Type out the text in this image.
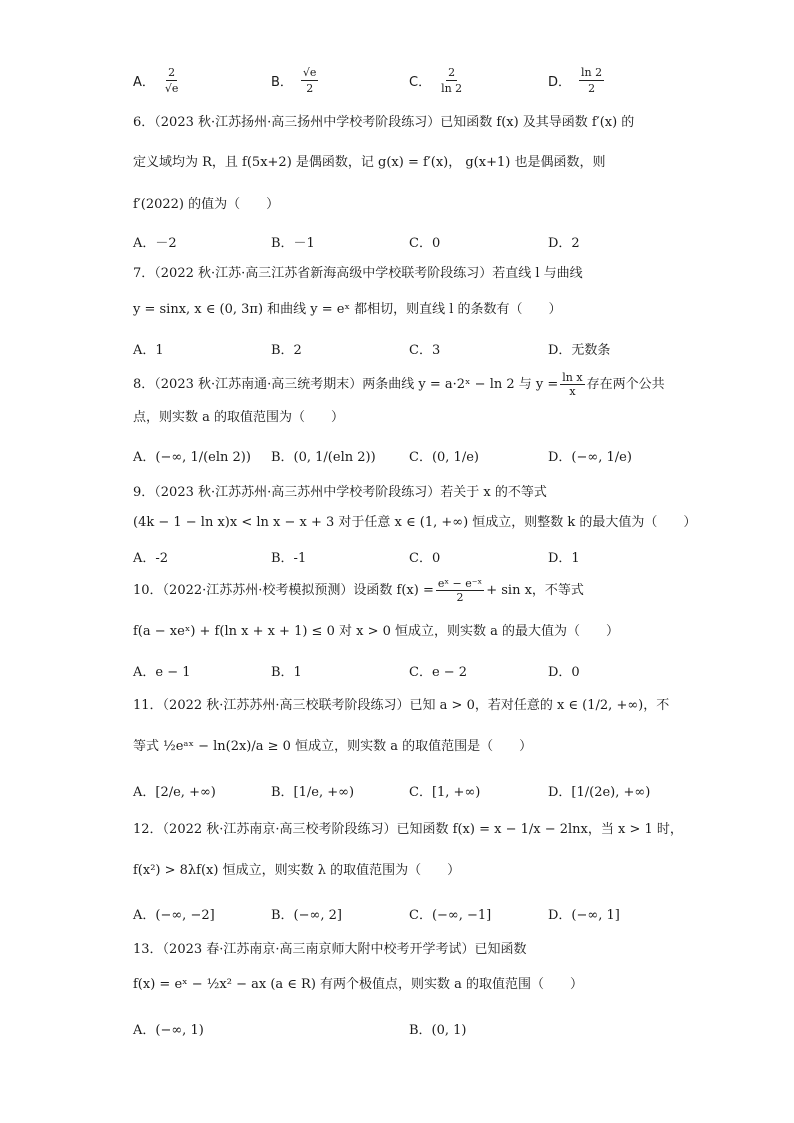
A． $\frac{2}{√e}$	B． $\frac{√e}{2}$	C． $\frac{2}{\ln 2}$	D． $\frac{\ln 2}{2}$
6．（2023 秋·江苏扬州·高三扬州中学校考阶段练习）已知函数 f(x) 及其导函数 f′(x) 的
定义域均为 R，且 f(5x+2) 是偶函数，记 g(x) = f′(x)， g(x+1) 也是偶函数，则
f′(2022) 的值为（　　）
A．－2	B．－1	C．0	D．2
7．（2022 秋·江苏·高三江苏省新海高级中学校联考阶段练习）若直线 l 与曲线
y = sinx, x ∈ (0, 3π) 和曲线 y = eˣ 都相切，则直线 l 的条数有（　　）
A．1	B．2	C．3	D．无数条
8．（2023 秋·江苏南通·高三统考期末）两条曲线 y = a·2ˣ − ln 2 与 $y = \frac{\text{ln x}}{x}$ 存在两个公共
点，则实数 a 的取值范围为（　　）
A．(−∞, 1/(eln 2)) B．(0, 1/(eln 2))	C．(0, 1/e)	D．(−∞, 1/e)
9．（2023 秋·江苏苏州·高三苏州中学校考阶段练习）若关于 x 的不等式
(4k − 1 − ln x)x < ln x − x + 3 对于任意 x ∈ (1, +∞) 恒成立，则整数 k 的最大值为（　　）
A．-2	B．-1	C．0	D．1
10．（2022·江苏苏州·校考模拟预测）设函数 $f(x) = \frac{\text{eˣ − e⁻ˣ}}{2} + \sin x$，不等式
f(a − xeˣ) + f(ln x + x + 1) ≤ 0 对 x > 0 恒成立，则实数 a 的最大值为（　　）
A．e − 1	B．1	C．e − 2	D．0
11．（2022 秋·江苏苏州·高三校联考阶段练习）已知 a > 0，若对任意的 x ∈ (1/2, +∞)，不
等式 ½eᵃˣ − ln(2x)/a ≥ 0 恒成立，则实数 a 的取值范围是（　　）
A．[2/e, +∞)	B．[1/e, +∞)	C．[1, +∞)	D．[1/(2e), +∞)
12．（2022 秋·江苏南京·高三校考阶段练习）已知函数 f(x) = x − 1/x − 2lnx，当 x > 1 时，
f(x²) > 8λf(x) 恒成立，则实数 λ 的取值范围为（　　）
A．(−∞, −2]	B．(−∞, 2]	C．(−∞, −1]	D．(−∞, 1]
13．（2023 春·江苏南京·高三南京师大附中校考开学考试）已知函数
f(x) = eˣ − ½x² − ax (a ∈ R) 有两个极值点，则实数 a 的取值范围（　　）
A．(−∞, 1)	B．(0, 1)
